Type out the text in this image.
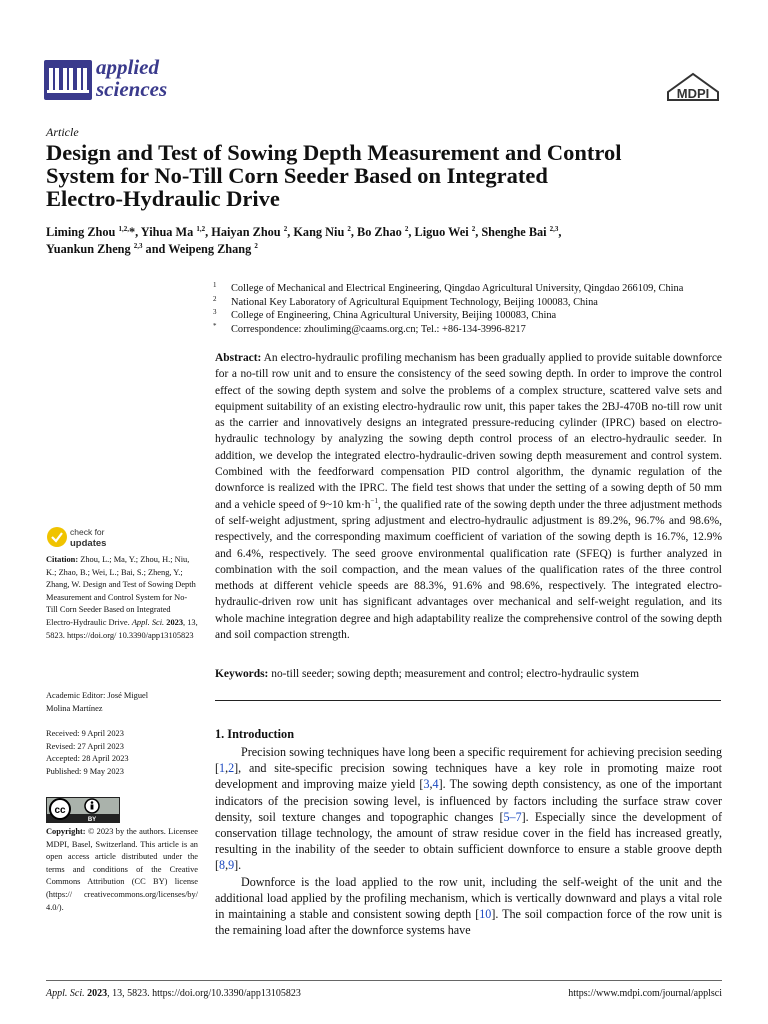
applied
sciences	MDPI
Article
Design and Test of Sowing Depth Measurement and Control
System for No-Till Corn Seeder Based on Integrated
Electro-Hydraulic Drive
Liming Zhou $^{1,2,}$*, Yihua Ma $^{1,2}$, Haiyan Zhou $^2$, Kang Niu $^2$, Bo Zhao $^2$, Liguo Wei $^2$, Shenghe Bai $^{2,3}$,
Yuankun Zheng $^{2,3}$ and Weipeng Zhang $^2$
1 College of Mechanical and Electrical Engineering, Qingdao Agricultural University, Qingdao 266109, China
2 National Key Laboratory of Agricultural Equipment Technology, Beijing 100083, China
3 College of Engineering, China Agricultural University, Beijing 100083, China
* Correspondence: zhouliming@caams.org.cn; Tel.: +86-134-3996-8217
Abstract: An electro-hydraulic profiling mechanism has been gradually applied to provide suitable downforce for a no-till row unit and to ensure the consistency of the seed sowing depth. In order to improve the control effect of the sowing depth system and solve the problems of a complex structure, scattered valve sets and equipment suitability of an existing electro-hydraulic row unit, this paper takes the 2BJ-470B no-till row unit as the carrier and innovatively designs an integrated pressure-reducing cylinder (IPRC) based on electro-hydraulic technology by analyzing the sowing depth control process of an electro-hydraulic seeder. In addition, we develop the integrated electro-hydraulic-driven sowing depth measurement and control system. Combined with the feedforward compensation PID control algorithm, the dynamic regulation of the downforce is realized with the IPRC. The field test shows that under the setting of a sowing depth of 50 mm and a vehicle speed of 9~10 $km\cdot h^{-1}$, the qualified rate of the sowing depth under the three adjustment methods of self-weight adjustment, spring adjustment and electro-hydraulic adjustment is 89.2%, 96.7% and 98.6%, respectively, and the corresponding maximum coefficient of variation of the sowing depth is 16.7%, 12.9% and 6.4%, respectively. The seed groove environmental qualification rate (SFEQ) is further analyzed in combination with the soil compaction, and the mean values of the qualification rates of the three control methods at different vehicle speeds are 88.3%, 91.6% and 98.6%, respectively. The integrated electro-hydraulic-driven row unit has significant advantages over mechanical and self-weight regulation, and its whole machine integration degree and high adaptability realize the comprehensive control of the sowing depth and soil compaction strength.
Keywords: no-till seeder; sowing depth; measurement and control; electro-hydraulic system
check for
updates
Citation: Zhou, L.; Ma, Y.; Zhou, H.; Niu, K.; Zhao, B.; Wei, L.; Bai, S.; Zheng, Y.; Zhang, W. Design and Test of Sowing Depth Measurement and Control System for No-Till Corn Seeder Based on Integrated Electro-Hydraulic Drive. Appl. Sci. 2023, 13, 5823. https://doi.org/ 10.3390/app13105823
Academic Editor: José Miguel
Molina Martínez
Received: 9 April 2023
Revised: 27 April 2023
Accepted: 28 April 2023
Published: 9 May 2023
cc
BY
Copyright: © 2023 by the authors. Licensee MDPI, Basel, Switzerland. This article is an open access article distributed under the terms and conditions of the Creative Commons Attribution (CC BY) license (https:// creativecommons.org/licenses/by/ 4.0/).
1. Introduction

Precision sowing techniques have long been a specific requirement for achieving precision seeding [1,2], and site-specific precision sowing techniques have a key role in promoting maize root development and improving maize yield [3,4]. The sowing depth consistency, as one of the important indicators of the precision sowing level, is influenced by factors including the surface straw cover density, soil texture changes and topographic changes [5–7]. Especially since the development of conservation tillage technology, the amount of straw residue cover in the field has increased greatly, resulting in the inability of the seeder to obtain sufficient downforce to ensure a stable groove depth [8,9].

Downforce is the load applied to the row unit, including the self-weight of the unit and the additional load applied by the profiling mechanism, which is vertically downward and plays a vital role in maintaining a stable and consistent sowing depth [10]. The soil compaction force of the row unit is the remaining load after the downforce systems have

Appl. Sci. 2023, 13, 5823. https://doi.org/10.3390/app13105823	https://www.mdpi.com/journal/applsci
